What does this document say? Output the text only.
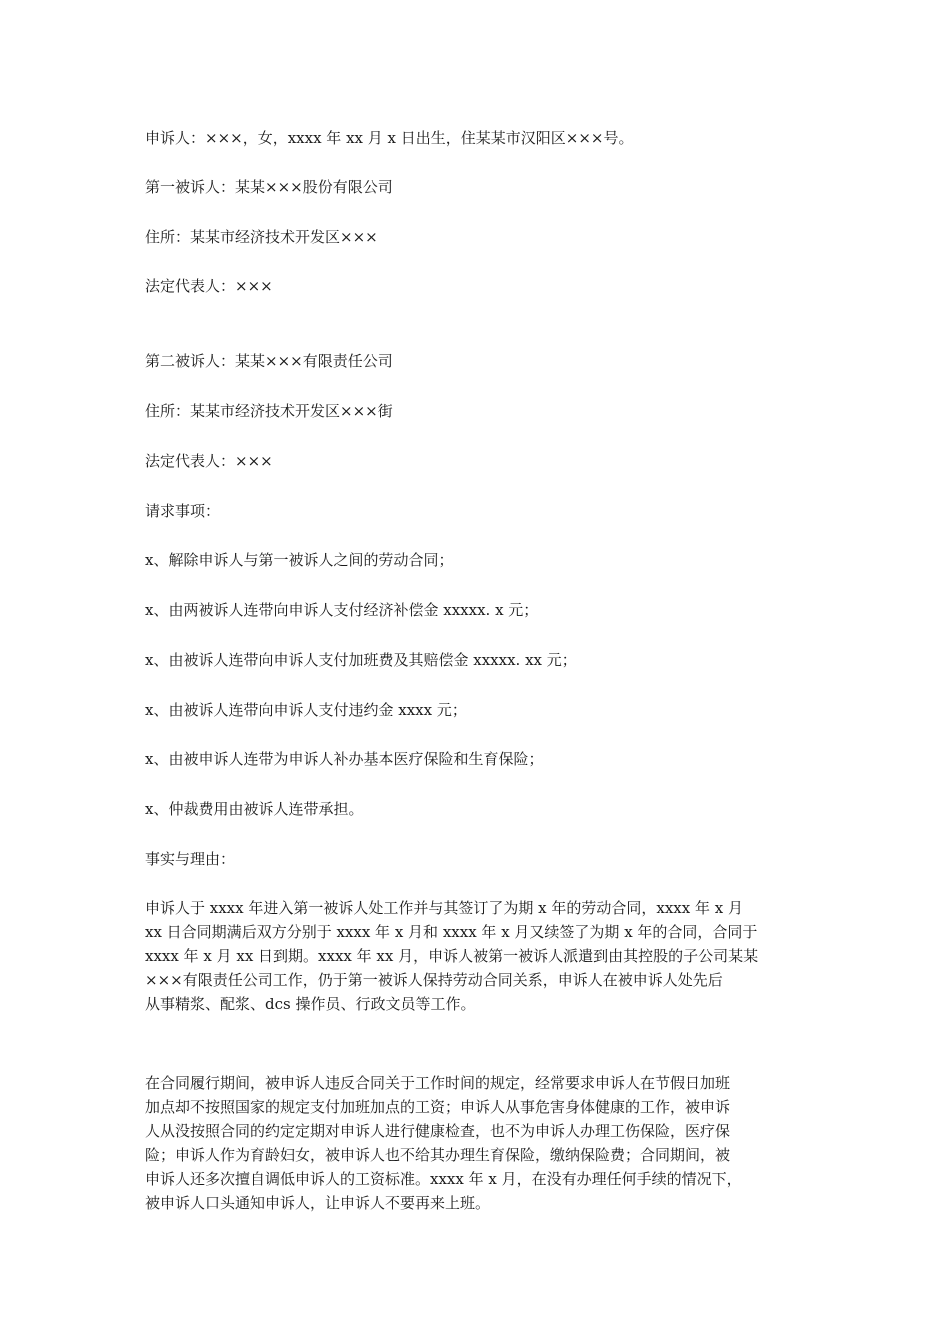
申诉人：×××，女，xxxx 年 xx 月 x 日出生，住某某市汉阳区×××号。

第一被诉人：某某×××股份有限公司

住所：某某市经济技术开发区×××

法定代表人：×××

第二被诉人：某某×××有限责任公司

住所：某某市经济技术开发区×××街

法定代表人：×××

请求事项：

x、解除申诉人与第一被诉人之间的劳动合同；

x、由两被诉人连带向申诉人支付经济补偿金 xxxxx. x 元；

x、由被诉人连带向申诉人支付加班费及其赔偿金 xxxxx. xx 元；

x、由被诉人连带向申诉人支付违约金 xxxx 元；

x、由被申诉人连带为申诉人补办基本医疗保险和生育保险；

x、仲裁费用由被诉人连带承担。

事实与理由：

申诉人于 xxxx 年进入第一被诉人处工作并与其签订了为期 x 年的劳动合同，xxxx 年 x 月
xx 日合同期满后双方分别于 xxxx 年 x 月和 xxxx 年 x 月又续签了为期 x 年的合同，合同于
xxxx 年 x 月 xx 日到期。xxxx 年 xx 月，申诉人被第一被诉人派遣到由其控股的子公司某某
×××有限责任公司工作，仍于第一被诉人保持劳动合同关系，申诉人在被申诉人处先后
从事精浆、配浆、dcs 操作员、行政文员等工作。
在合同履行期间，被申诉人违反合同关于工作时间的规定，经常要求申诉人在节假日加班
加点却不按照国家的规定支付加班加点的工资；申诉人从事危害身体健康的工作，被申诉
人从没按照合同的约定定期对申诉人进行健康检查，也不为申诉人办理工伤保险，医疗保
险；申诉人作为育龄妇女，被申诉人也不给其办理生育保险，缴纳保险费；合同期间，被
申诉人还多次擅自调低申诉人的工资标准。xxxx 年 x 月，在没有办理任何手续的情况下，
被申诉人口头通知申诉人，让申诉人不要再来上班。
